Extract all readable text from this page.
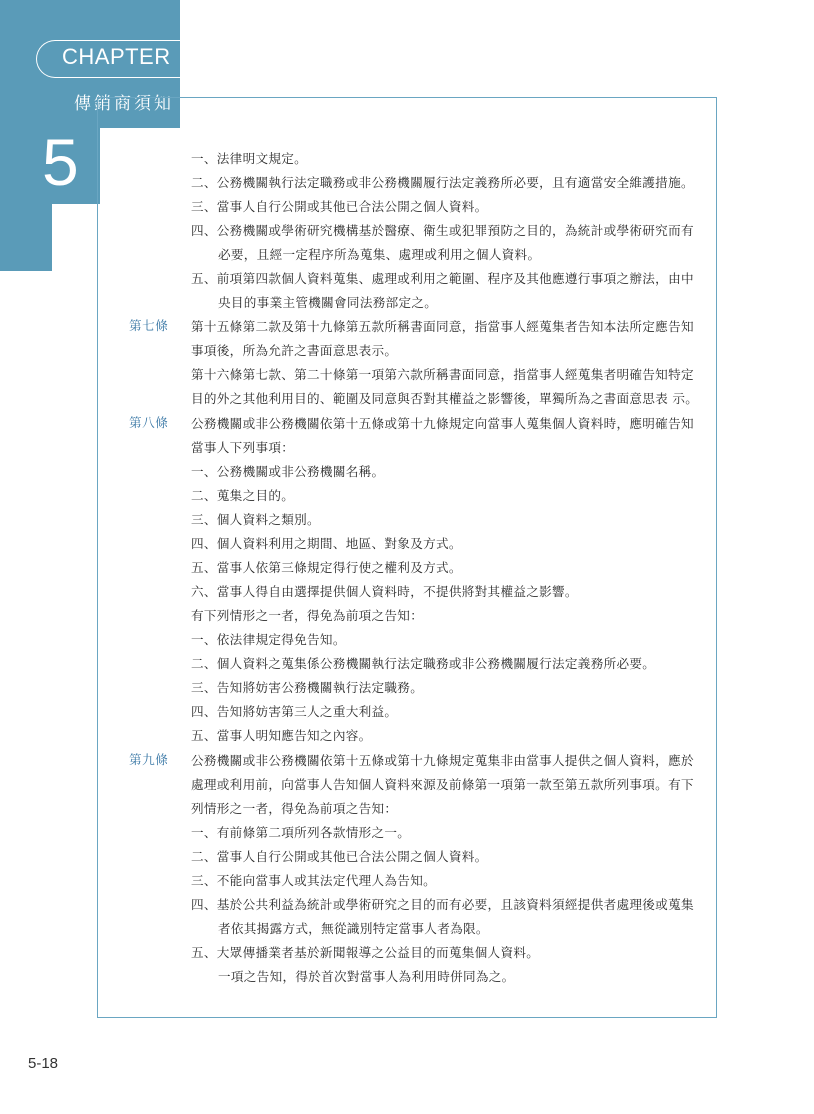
CHAPTER
傳銷商須知
5
第七條
第八條
第九條
一、法律明文規定。
二、公務機關執行法定職務或非公務機關履行法定義務所必要，且有適當安全維護措施。
三、當事人自行公開或其他已合法公開之個人資料。
四、公務機關或學術研究機構基於醫療、衛生或犯罪預防之目的，為統計或學術研究而有
必要，且經一定程序所為蒐集、處理或利用之個人資料。
五、前項第四款個人資料蒐集、處理或利用之範圍、程序及其他應遵行事項之辦法，由中
央目的事業主管機關會同法務部定之。
第十五條第二款及第十九條第五款所稱書面同意，指當事人經蒐集者告知本法所定應告知
事項後，所為允許之書面意思表示。
第十六條第七款、第二十條第一項第六款所稱書面同意，指當事人經蒐集者明確告知特定
目的外之其他利用目的、範圍及同意與否對其權益之影響後，單獨所為之書面意思表 示。
公務機關或非公務機關依第十五條或第十九條規定向當事人蒐集個人資料時，應明確告知
當事人下列事項：
一、公務機關或非公務機關名稱。
二、蒐集之目的。
三、個人資料之類別。
四、個人資料利用之期間、地區、對象及方式。
五、當事人依第三條規定得行使之權利及方式。
六、當事人得自由選擇提供個人資料時，不提供將對其權益之影響。
有下列情形之一者，得免為前項之告知：
一、依法律規定得免告知。
二、個人資料之蒐集係公務機關執行法定職務或非公務機關履行法定義務所必要。
三、告知將妨害公務機關執行法定職務。
四、告知將妨害第三人之重大利益。
五、當事人明知應告知之內容。
公務機關或非公務機關依第十五條或第十九條規定蒐集非由當事人提供之個人資料，應於
處理或利用前，向當事人告知個人資料來源及前條第一項第一款至第五款所列事項。有下
列情形之一者，得免為前項之告知：
一、有前條第二項所列各款情形之一。
二、當事人自行公開或其他已合法公開之個人資料。
三、不能向當事人或其法定代理人為告知。
四、基於公共利益為統計或學術研究之目的而有必要，且該資料須經提供者處理後或蒐集
者依其揭露方式，無從識別特定當事人者為限。
五、大眾傳播業者基於新聞報導之公益目的而蒐集個人資料。
一項之告知，得於首次對當事人為利用時併同為之。
5-18
